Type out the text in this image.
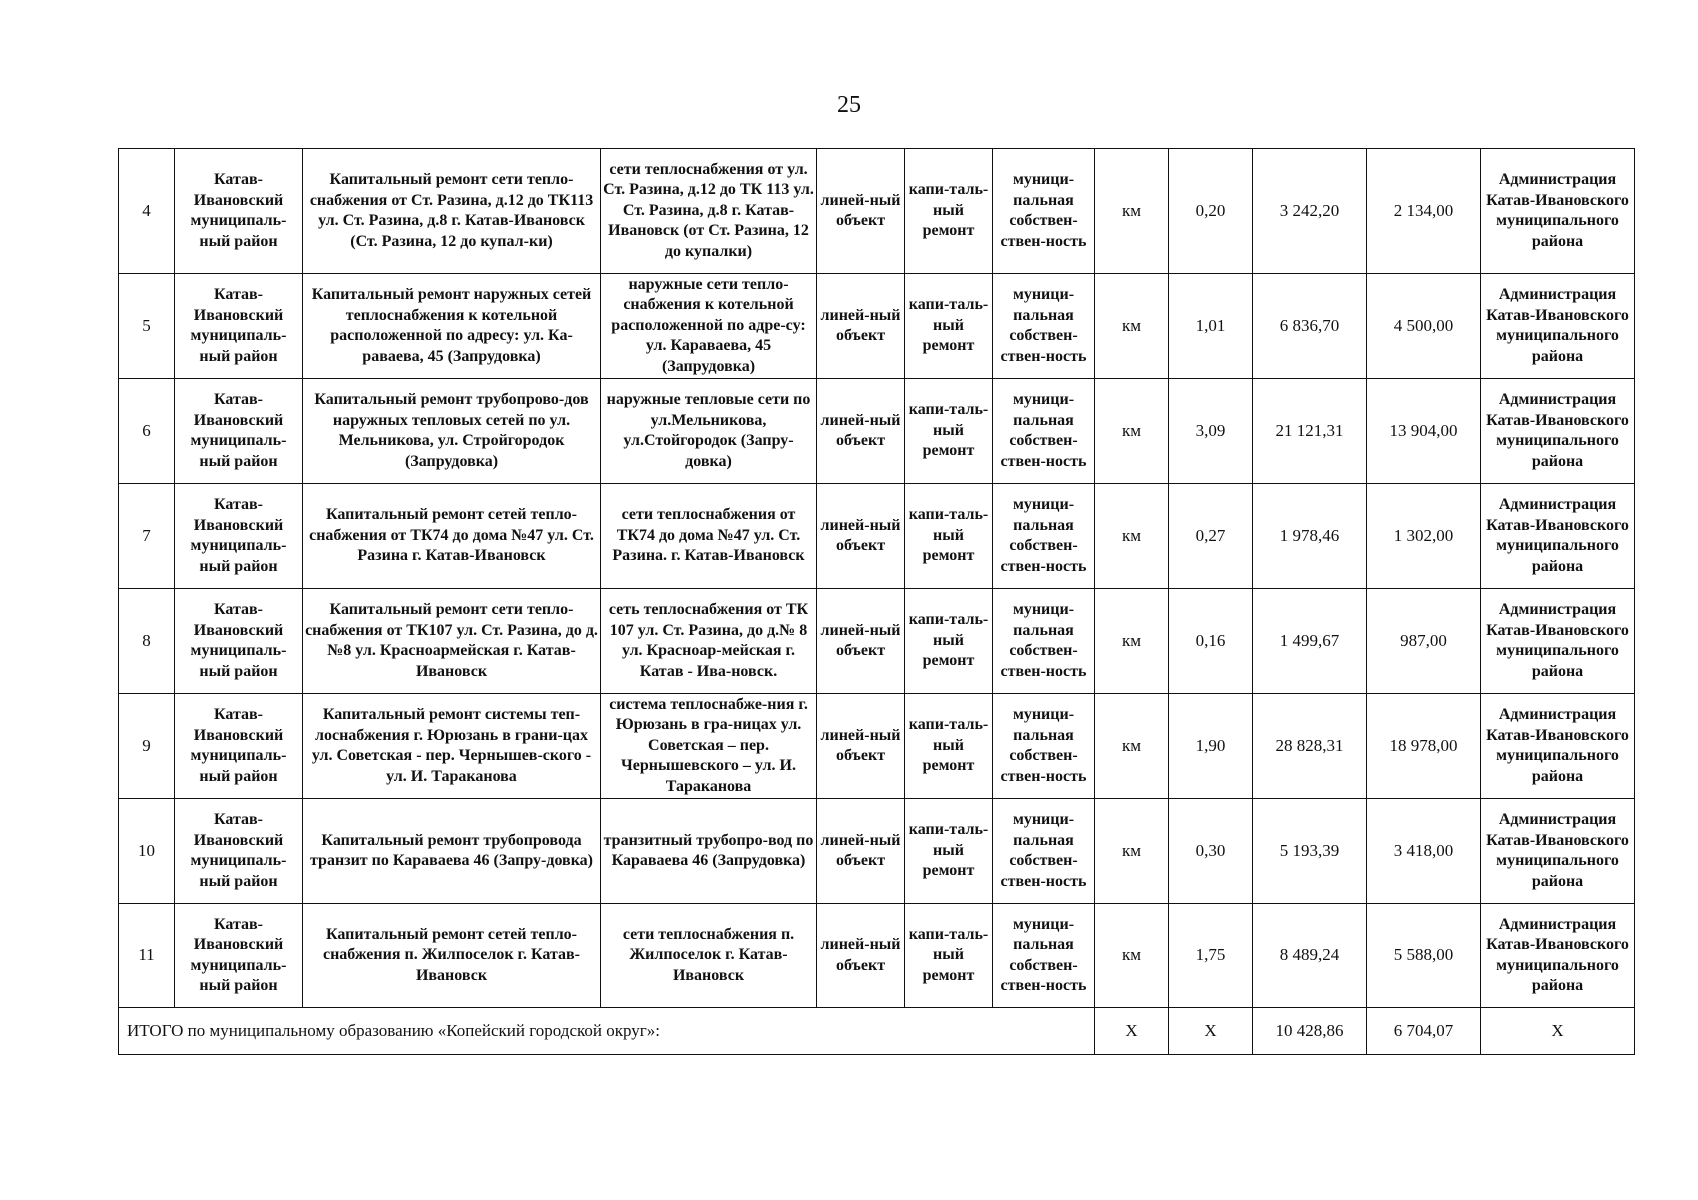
25
4	Катав-Ивановский муниципаль-ный район	Капитальный ремонт сети тепло-снабжения от Ст. Разина, д.12 до ТК113 ул. Ст. Разина, д.8 г. Катав-Ивановск (Ст. Разина, 12 до купал-ки)	сети теплоснабжения от ул. Ст. Разина, д.12 до ТК 113 ул. Ст. Разина, д.8 г. Катав-Ивановск (от Ст. Разина, 12 до купалки)	линей-ный объект	капи-таль-ный ремонт	муници-пальная собствен-ствен-ность	км	0,20	3 242,20	2 134,00	Администрация Катав-Ивановского муниципального района
5	Катав-Ивановский муниципаль-ный район	Капитальный ремонт наружных сетей теплоснабжения к котельной расположенной по адресу: ул. Ка-раваева, 45 (Запрудовка)	наружные сети тепло-снабжения к котельной расположенной по адре-су: ул. Караваева, 45 (Запрудовка)	линей-ный объект	капи-таль-ный ремонт	муници-пальная собствен-ствен-ность	км	1,01	6 836,70	4 500,00	Администрация Катав-Ивановского муниципального района
6	Катав-Ивановский муниципаль-ный район	Капитальный ремонт трубопрово-дов наружных тепловых сетей по ул. Мельникова, ул. Стройгородок (Запрудовка)	наружные тепловые сети по ул.Мельникова, ул.Стойгородок (Запру-довка)	линей-ный объект	капи-таль-ный ремонт	муници-пальная собствен-ствен-ность	км	3,09	21 121,31	13 904,00	Администрация Катав-Ивановского муниципального района
7	Катав-Ивановский муниципаль-ный район	Капитальный ремонт сетей тепло-снабжения от ТК74 до дома №47 ул. Ст. Разина г. Катав-Ивановск	сети теплоснабжения от ТК74 до дома №47 ул. Ст. Разина. г. Катав-Ивановск	линей-ный объект	капи-таль-ный ремонт	муници-пальная собствен-ствен-ность	км	0,27	1 978,46	1 302,00	Администрация Катав-Ивановского муниципального района
8	Катав-Ивановский муниципаль-ный район	Капитальный ремонт сети тепло-снабжения от ТК107 ул. Ст. Разина, до д.№8 ул. Красноармейская г. Катав-Ивановск	сеть теплоснабжения от ТК 107 ул. Ст. Разина, до д.№ 8 ул. Красноар-мейская г. Катав - Ива-новск.	линей-ный объект	капи-таль-ный ремонт	муници-пальная собствен-ствен-ность	км	0,16	1 499,67	987,00	Администрация Катав-Ивановского муниципального района
9	Катав-Ивановский муниципаль-ный район	Капитальный ремонт системы теп-лоснабжения г. Юрюзань в грани-цах ул. Советская - пер. Чернышев-ского - ул. И. Тараканова	система теплоснабже-ния г. Юрюзань в гра-ницах ул. Советская – пер. Чернышевского – ул. И. Тараканова	линей-ный объект	капи-таль-ный ремонт	муници-пальная собствен-ствен-ность	км	1,90	28 828,31	18 978,00	Администрация Катав-Ивановского муниципального района
10	Катав-Ивановский муниципаль-ный район	Капитальный ремонт трубопровода транзит по Караваева 46 (Запру-довка)	транзитный трубопро-вод по Караваева 46 (Запрудовка)	линей-ный объект	капи-таль-ный ремонт	муници-пальная собствен-ствен-ность	км	0,30	5 193,39	3 418,00	Администрация Катав-Ивановского муниципального района
11	Катав-Ивановский муниципаль-ный район	Капитальный ремонт сетей тепло-снабжения п. Жилпоселок г. Катав-Ивановск	сети теплоснабжения п. Жилпоселок г. Катав-Ивановск	линей-ный объект	капи-таль-ный ремонт	муници-пальная собствен-ствен-ность	км	1,75	8 489,24	5 588,00	Администрация Катав-Ивановского муниципального района
ИТОГО по муниципальному образованию «Копейский городской округ»:							Х	Х	10 428,86	6 704,07	Х
